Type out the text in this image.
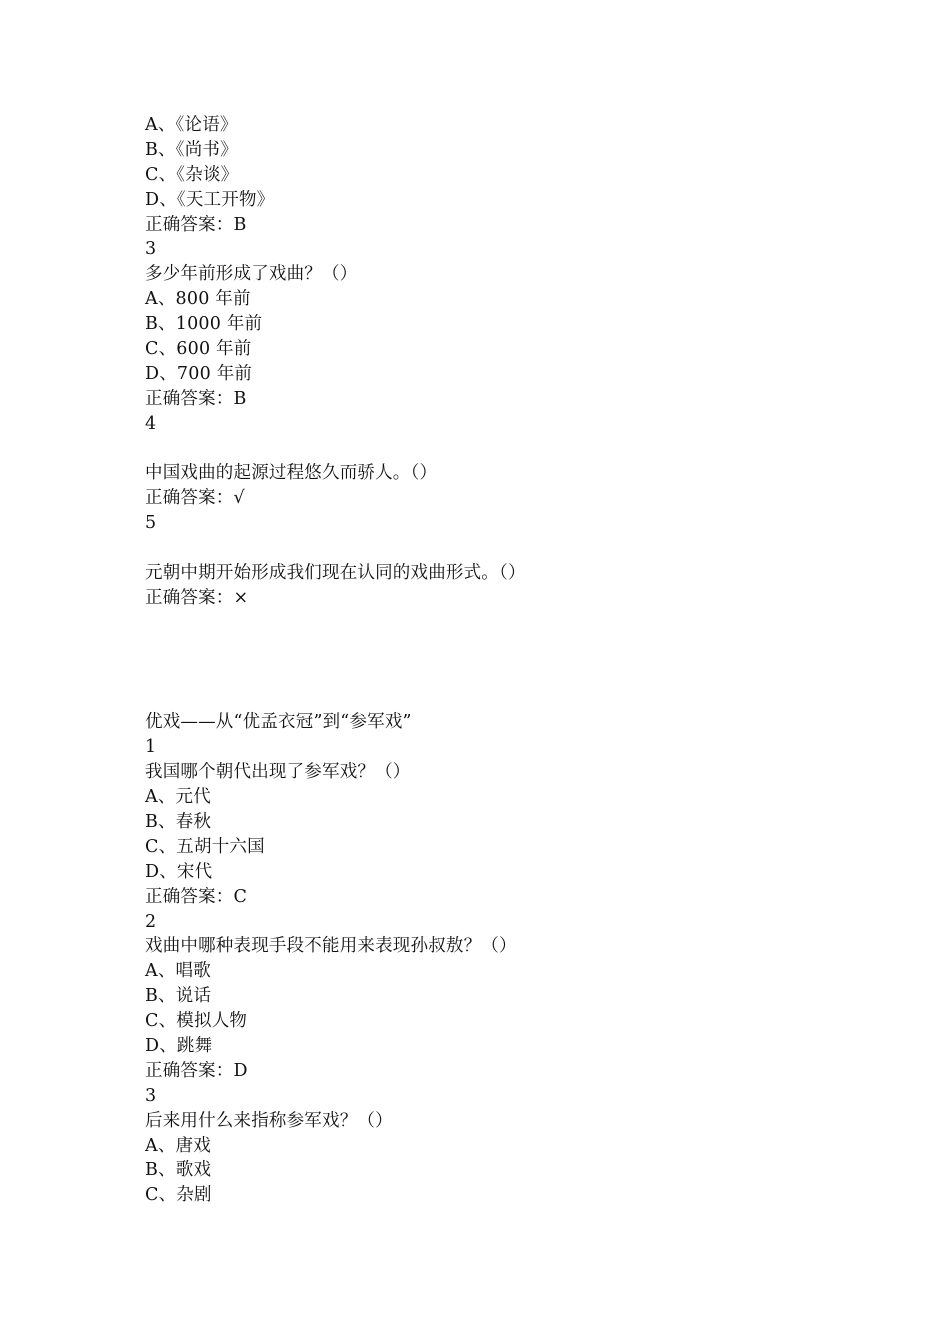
A、《论语》
B、《尚书》
C、《杂谈》
D、《天工开物》
正确答案：B
3
多少年前形成了戏曲？（）
A、800 年前
B、1000 年前
C、600 年前
D、700 年前
正确答案：B
4
中国戏曲的起源过程悠久而骄人。（）
正确答案：√
5
元朝中期开始形成我们现在认同的戏曲形式。（）
正确答案：×
优戏——从“优孟衣冠”到“参军戏”
1
我国哪个朝代出现了参军戏？（）
A、元代
B、春秋
C、五胡十六国
D、宋代
正确答案：C
2
戏曲中哪种表现手段不能用来表现孙叔敖？（）
A、唱歌
B、说话
C、模拟人物
D、跳舞
正确答案：D
3
后来用什么来指称参军戏？（）
A、唐戏
B、歌戏
C、杂剧
